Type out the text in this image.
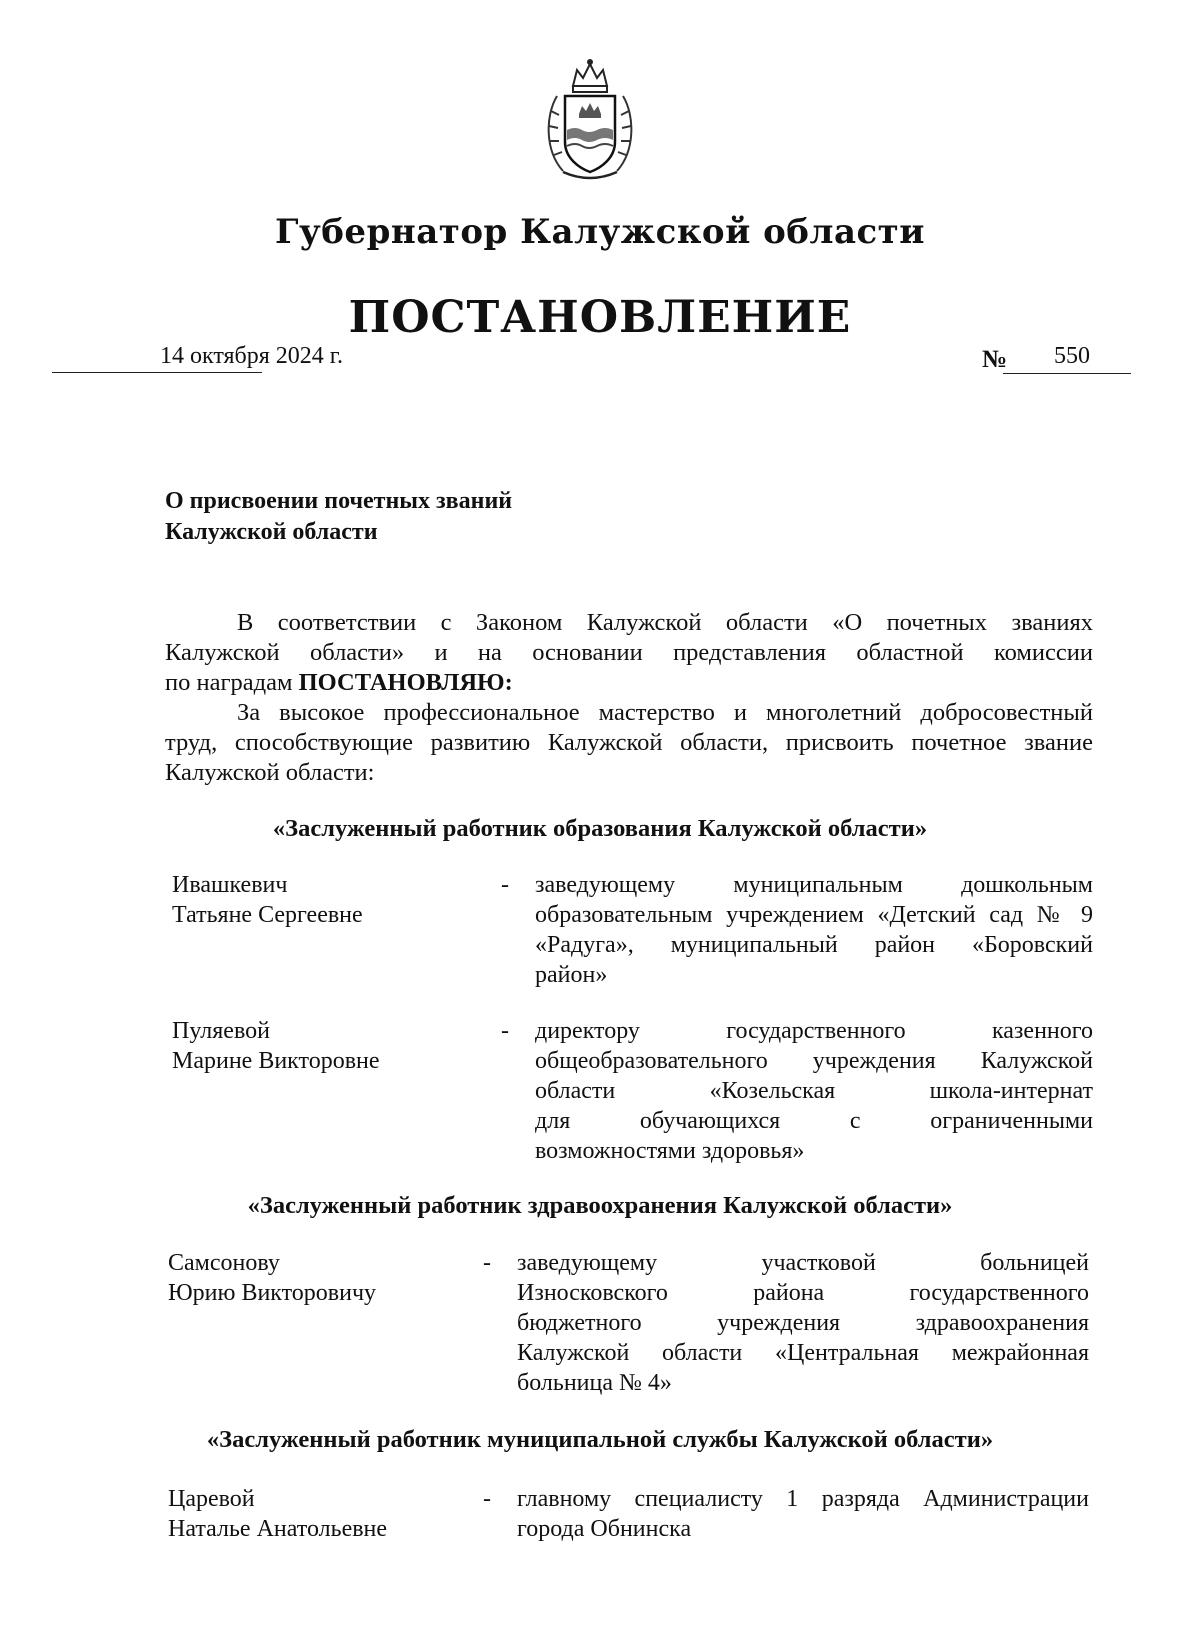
Губернатор Калужской области
ПОСТАНОВЛЕНИЕ
14 октября 2024 г.	№ 550
О присвоении почетных званий
Калужской области
В соответствии с Законом Калужской области «О почетных званиях
Калужской области» и на основании представления областной комиссии
по наградам ПОСТАНОВЛЯЮ:
За высокое профессиональное мастерство и многолетний добросовестный
труд, способствующие развитию Калужской области, присвоить почетное звание
Калужской области:
«Заслуженный работник образования Калужской области»
Ивашкевич
Татьяне Сергеевне
- заведующему муниципальным дошкольным
образовательным учреждением «Детский сад № 9
«Радуга», муниципальный район «Боровский
район»
Пуляевой
Марине Викторовне
- директору государственного казенного
общеобразовательного учреждения Калужской
области «Козельская школа-интернат
для обучающихся с ограниченными
возможностями здоровья»
«Заслуженный работник здравоохранения Калужской области»
Самсонову
Юрию Викторовичу
- заведующему участковой больницей
Износковского района государственного
бюджетного учреждения здравоохранения
Калужской области «Центральная межрайонная
больница № 4»
«Заслуженный работник муниципальной службы Калужской области»
Царевой
Наталье Анатольевне
- главному специалисту 1 разряда Администрации
города Обнинска
